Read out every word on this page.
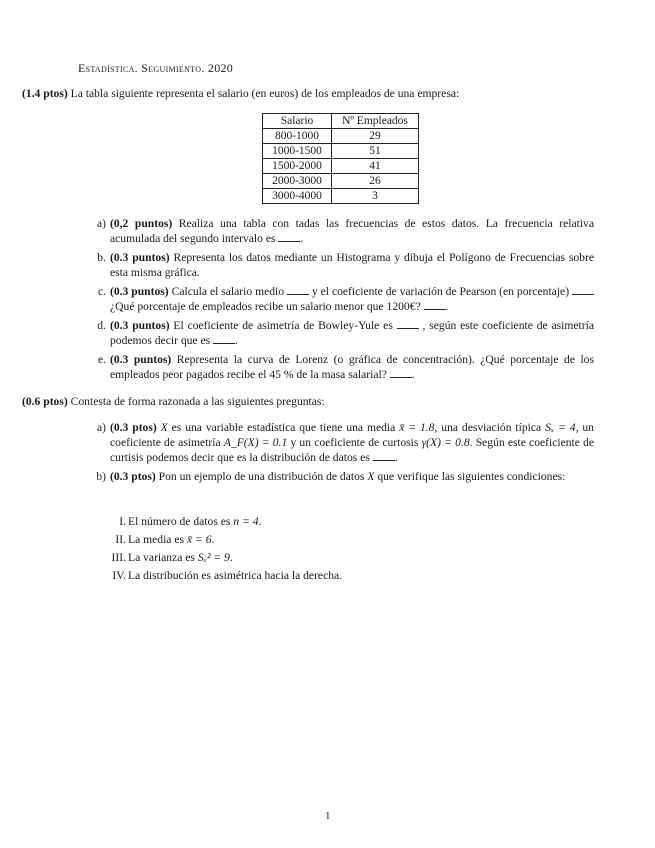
Estadística. Seguimiento. 2020
(1.4 ptos) La tabla siguiente representa el salario (en euros) de los empleados de una empresa:
Salario	Nº Empleados
800-1000	29
1000-1500	51
1500-2000	41
2000-3000	26
3000-4000	3
a) (0,2 puntos) Realiza una tabla con tadas las frecuencias de estos datos. La frecuencia relativa acumulada del segundo intervalo es .
b. (0.3 puntos) Representa los datos mediante un Histograma y dibuja el Polígono de Frecuencias sobre esta misma gráfica.
c. (0.3 puntos) Calcula el salario medio y el coeficiente de variación de Pearson (en porcentaje)  ¿Qué porcentaje de empleados recibe un salario menor que 1200€? .
d. (0.3 puntos) El coeficiente de asimetría de Bowley-Yule es	, según este coeficiente de asimetría podemos decir que es .
e. (0.3 puntos) Representa la curva de Lorenz (o gráfica de concentración). ¿Qué porcentaje de los empleados peor pagados recibe el 45 % de la masa salarial? .
(0.6 ptos) Contesta de forma razonada a las siguientes preguntas:
a) (0.3 ptos) X es una variable estadística que tiene una media x̄ = 1.8, una desviación típica Sₓ = 4, un coeficiente de asimetría A_F(X) = 0.1 y un coeficiente de curtosis γ(X) = 0.8. Según este coeficiente de curtisis podemos decir que es la distribución de datos es .
b) (0.3 ptos) Pon un ejemplo de una distribución de datos X que verifique las siguientes condiciones:
I. El número de datos es n = 4.
II. La media es x̄ = 6.
III. La varianza es Sₓ² = 9.
IV. La distribución es asimétrica hacia la derecha.
1
